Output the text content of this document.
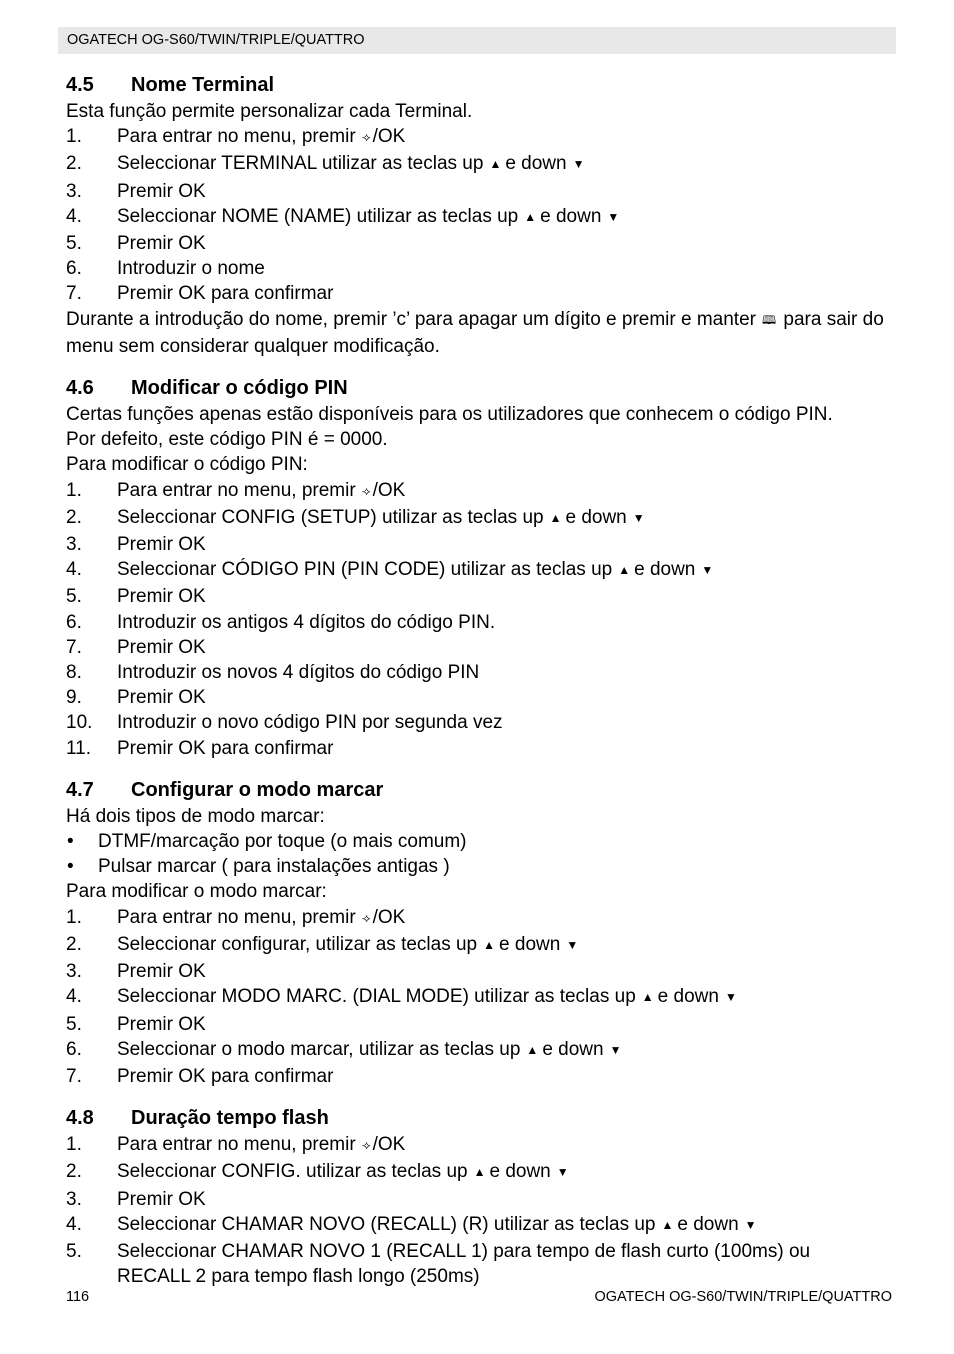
OGATECH OG-S60/TWIN/TRIPLE/QUATTRO
4.5 Nome Terminal
Esta função permite personalizar cada Terminal.
1. Para entrar no menu, premir ⟢ /OK
2. Seleccionar TERMINAL utilizar as teclas up ▲ e down ▼
3. Premir OK
4. Seleccionar NOME (NAME) utilizar as teclas up ▲ e down ▼
5. Premir OK
6. Introduzir o nome
7. Premir OK para confirmar
Durante a introdução do nome, premir ’c’ para apagar um dígito e premir e manter 🕮 para sair do menu sem considerar qualquer modificação.
4.6 Modificar o código PIN
Certas funções apenas estão disponíveis para os utilizadores que conhecem o código PIN.
Por defeito, este código PIN é = 0000.
Para modificar o código PIN:
1. Para entrar no menu, premir ⟢ /OK
2. Seleccionar CONFIG (SETUP) utilizar as teclas up ▲ e down ▼
3. Premir OK
4. Seleccionar CÓDIGO PIN (PIN CODE) utilizar as teclas up ▲ e down ▼
5. Premir OK
6. Introduzir os antigos 4 dígitos do código PIN.
7. Premir OK
8. Introduzir os novos 4 dígitos do código PIN
9. Premir OK
10. Introduzir o novo código PIN por segunda vez
11. Premir OK para confirmar
4.7 Configurar o modo marcar
Há dois tipos de modo marcar:
• DTMF/marcação por toque (o mais comum)
• Pulsar marcar ( para instalações antigas )
Para modificar o modo marcar:
1. Para entrar no menu, premir ⟢ /OK
2. Seleccionar configurar, utilizar as teclas up ▲ e down ▼
3. Premir OK
4. Seleccionar MODO MARC. (DIAL MODE) utilizar as teclas up ▲ e down ▼
5. Premir OK
6. Seleccionar o modo marcar, utilizar as teclas up ▲ e down ▼
7. Premir OK para confirmar
4.8 Duração tempo flash
1. Para entrar no menu, premir ⟢ /OK
2. Seleccionar CONFIG. utilizar as teclas up ▲ e down ▼
3. Premir OK
4. Seleccionar CHAMAR NOVO (RECALL) (R) utilizar as teclas up ▲ e down ▼
5. Seleccionar CHAMAR NOVO 1 (RECALL 1) para tempo de flash curto (100ms) ou RECALL 2 para tempo flash longo (250ms)
116	OGATECH OG-S60/TWIN/TRIPLE/QUATTRO
